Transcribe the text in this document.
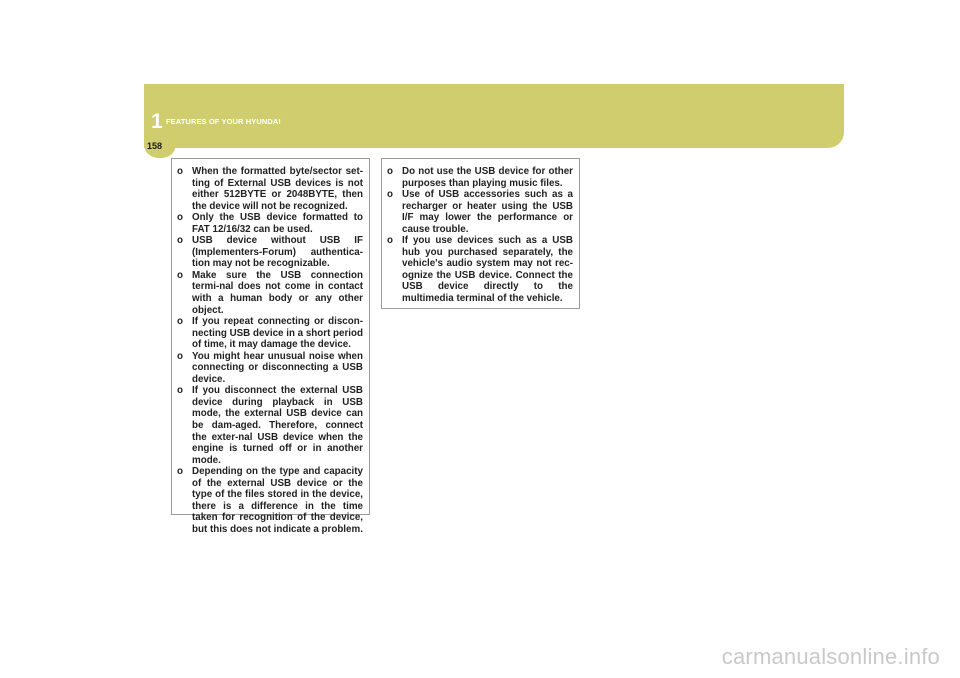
1 FEATURES OF YOUR HYUNDAI
158
o When the formatted byte/sector set-ting of External USB devices is not either 512BYTE or 2048BYTE, then the device will not be recognized.
o Only the USB device formatted to FAT 12/16/32 can be used.
o USB device without USB IF (Implementers-Forum) authentica-tion may not be recognizable.
o Make sure the USB connection termi-nal does not come in contact with a human body or any other object.
o If you repeat connecting or discon-necting USB device in a short period of time, it may damage the device.
o You might hear unusual noise when connecting or disconnecting a USB device.
o If you disconnect the external USB device during playback in USB mode, the external USB device can be dam-aged. Therefore, connect the exter-nal USB device when the engine is turned off or in another mode.
o Depending on the type and capacity of the external USB device or the type of the files stored in the device, there is a difference in the time taken for recognition of the device, but this does not indicate a problem.
o Do not use the USB device for other purposes than playing music files.
o Use of USB accessories such as a recharger or heater using the USB I/F may lower the performance or cause trouble.
o If you use devices such as a USB hub you purchased separately, the vehicle's audio system may not rec-ognize the USB device. Connect the USB device directly to the multimedia terminal of the vehicle.
carmanualsonline.info
